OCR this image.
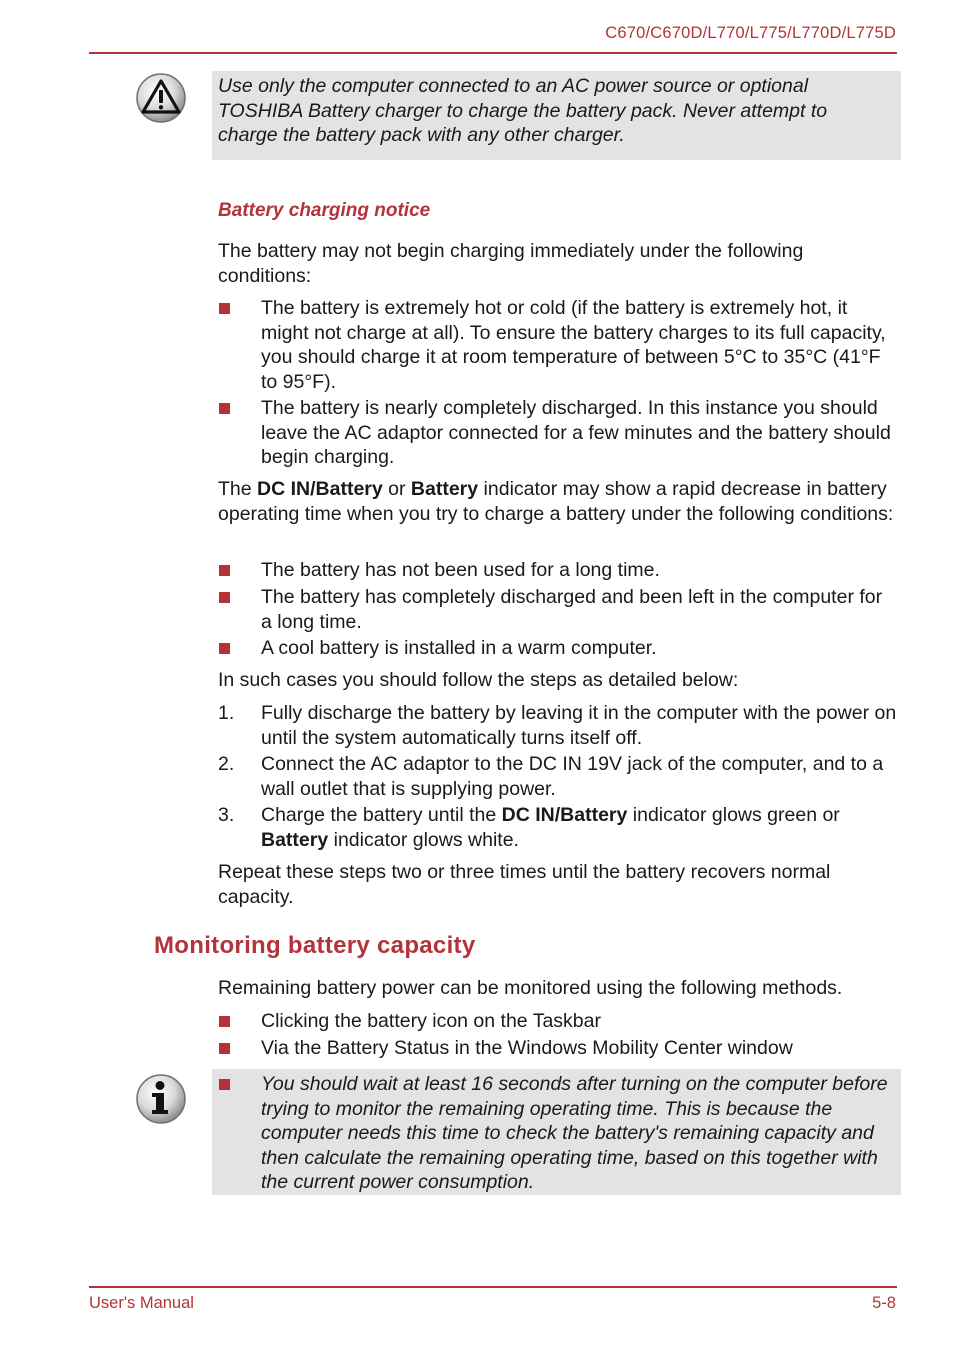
C670/C670D/L770/L775/L770D/L775D
Use only the computer connected to an AC power source or optional TOSHIBA Battery charger to charge the battery pack. Never attempt to charge the battery pack with any other charger.
Battery charging notice

The battery may not begin charging immediately under the following conditions:

The battery is extremely hot or cold (if the battery is extremely hot, it might not charge at all). To ensure the battery charges to its full capacity, you should charge it at room temperature of between 5°C to 35°C (41°F to 95°F).
The battery is nearly completely discharged. In this instance you should leave the AC adaptor connected for a few minutes and the battery should begin charging.

The DC IN/Battery or Battery indicator may show a rapid decrease in battery operating time when you try to charge a battery under the following conditions:

The battery has not been used for a long time.
The battery has completely discharged and been left in the computer for a long time.
A cool battery is installed in a warm computer.

In such cases you should follow the steps as detailed below:

1. Fully discharge the battery by leaving it in the computer with the power on until the system automatically turns itself off.
2. Connect the AC adaptor to the DC IN 19V jack of the computer, and to a wall outlet that is supplying power.
3. Charge the battery until the DC IN/Battery indicator glows green or Battery indicator glows white.

Repeat these steps two or three times until the battery recovers normal capacity.

Monitoring battery capacity

Remaining battery power can be monitored using the following methods.

Clicking the battery icon on the Taskbar
Via the Battery Status in the Windows Mobility Center window
You should wait at least 16 seconds after turning on the computer before trying to monitor the remaining operating time. This is because the computer needs this time to check the battery's remaining capacity and then calculate the remaining operating time, based on this together with the current power consumption.
User's Manual	5-8
